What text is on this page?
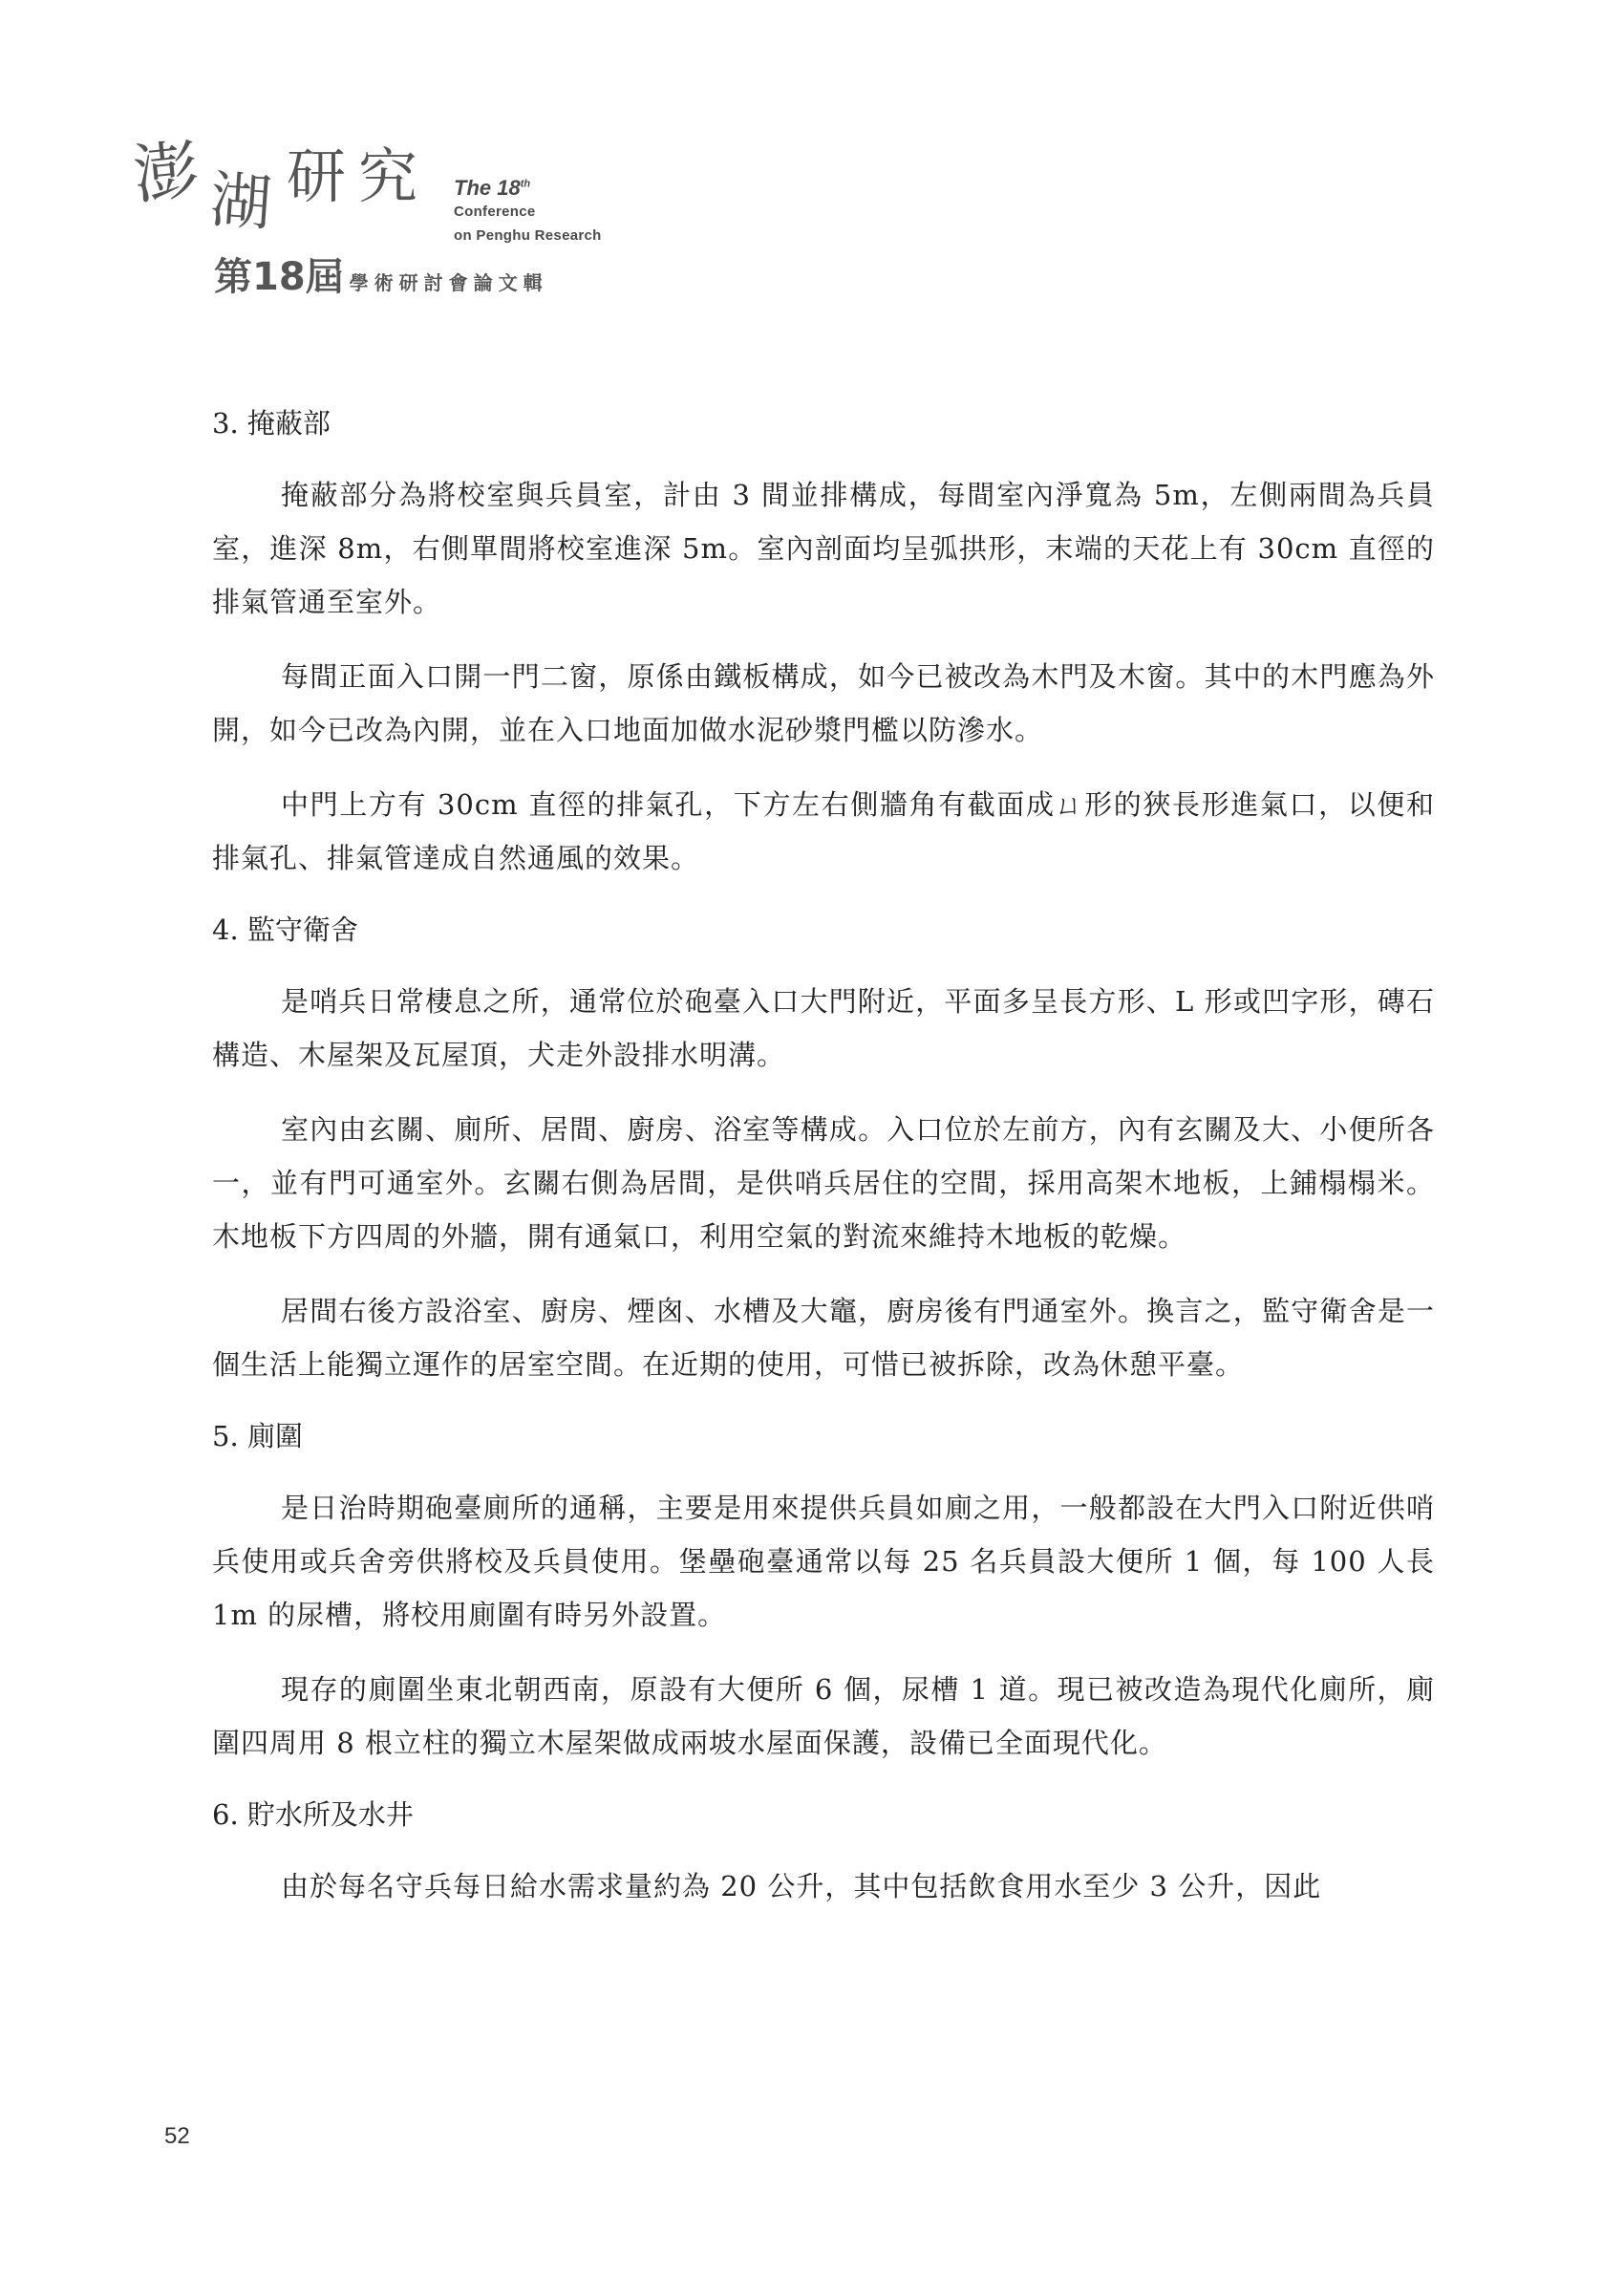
澎 湖 研 究 The 18th
Conference
on Penghu Research
第18屆 學術研討會論文輯
3. 掩蔽部

掩蔽部分為將校室與兵員室，計由 3 間並排構成，每間室內淨寬為 5m，左側兩間為兵員室，進深 8m，右側單間將校室進深 5m。室內剖面均呈弧拱形，末端的天花上有 30cm 直徑的排氣管通至室外。

每間正面入口開一門二窗，原係由鐵板構成，如今已被改為木門及木窗。其中的木門應為外開，如今已改為內開，並在入口地面加做水泥砂漿門檻以防滲水。

中門上方有 30cm 直徑的排氣孔，下方左右側牆角有截面成ㄩ形的狹長形進氣口，以便和排氣孔、排氣管達成自然通風的效果。

4. 監守衛舍

是哨兵日常棲息之所，通常位於砲臺入口大門附近，平面多呈長方形、L 形或凹字形，磚石構造、木屋架及瓦屋頂，犬走外設排水明溝。

室內由玄關、廁所、居間、廚房、浴室等構成。入口位於左前方，內有玄關及大、小便所各一，並有門可通室外。玄關右側為居間，是供哨兵居住的空間，採用高架木地板，上鋪榻榻米。木地板下方四周的外牆，開有通氣口，利用空氣的對流來維持木地板的乾燥。

居間右後方設浴室、廚房、煙囪、水槽及大竈，廚房後有門通室外。換言之，監守衛舍是一個生活上能獨立運作的居室空間。在近期的使用，可惜已被拆除，改為休憩平臺。

5. 廁圍

是日治時期砲臺廁所的通稱，主要是用來提供兵員如廁之用，一般都設在大門入口附近供哨兵使用或兵舍旁供將校及兵員使用。堡壘砲臺通常以每 25 名兵員設大便所 1 個，每 100 人長 1m 的尿槽，將校用廁圍有時另外設置。

現存的廁圍坐東北朝西南，原設有大便所 6 個，尿槽 1 道。現已被改造為現代化廁所，廁圍四周用 8 根立柱的獨立木屋架做成兩坡水屋面保護，設備已全面現代化。

6. 貯水所及水井

由於每名守兵每日給水需求量約為 20 公升，其中包括飲食用水至少 3 公升，因此

52
